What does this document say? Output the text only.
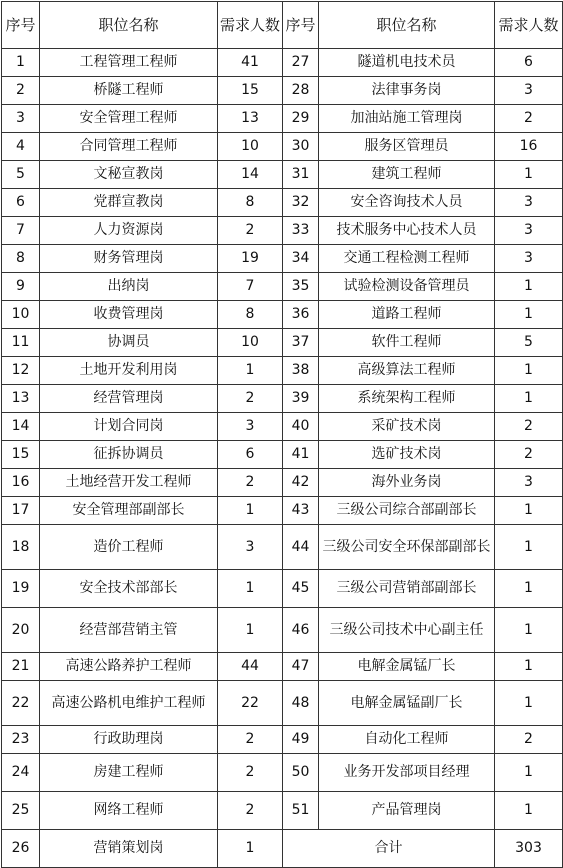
序号	职位名称	需求人数	序号	职位名称	需求人数
1	工程管理工程师	41	27	隧道机电技术员	6
2	桥隧工程师	15	28	法律事务岗	3
3	安全管理工程师	13	29	加油站施工管理岗	2
4	合同管理工程师	10	30	服务区管理员	16
5	文秘宣教岗	14	31	建筑工程师	1
6	党群宣教岗	8	32	安全咨询技术人员	3
7	人力资源岗	2	33	技术服务中心技术人员	3
8	财务管理岗	19	34	交通工程检测工程师	3
9	出纳岗	7	35	试验检测设备管理员	1
10	收费管理岗	8	36	道路工程师	1
11	协调员	10	37	软件工程师	5
12	土地开发利用岗	1	38	高级算法工程师	1
13	经营管理岗	2	39	系统架构工程师	1
14	计划合同岗	3	40	采矿技术岗	2
15	征拆协调员	6	41	选矿技术岗	2
16	土地经营开发工程师	2	42	海外业务岗	3
17	安全管理部副部长	1	43	三级公司综合部副部长	1
18	造价工程师	3	44	三级公司安全环保部副部长	1
19	安全技术部部长	1	45	三级公司营销部副部长	1
20	经营部营销主管	1	46	三级公司技术中心副主任	1
21	高速公路养护工程师	44	47	电解金属锰厂长	1
22	高速公路机电维护工程师	22	48	电解金属锰副厂长	1
23	行政助理岗	2	49	自动化工程师	2
24	房建工程师	2	50	业务开发部项目经理	1
25	网络工程师	2	51	产品管理岗	1
26	营销策划岗	1	合计		303
